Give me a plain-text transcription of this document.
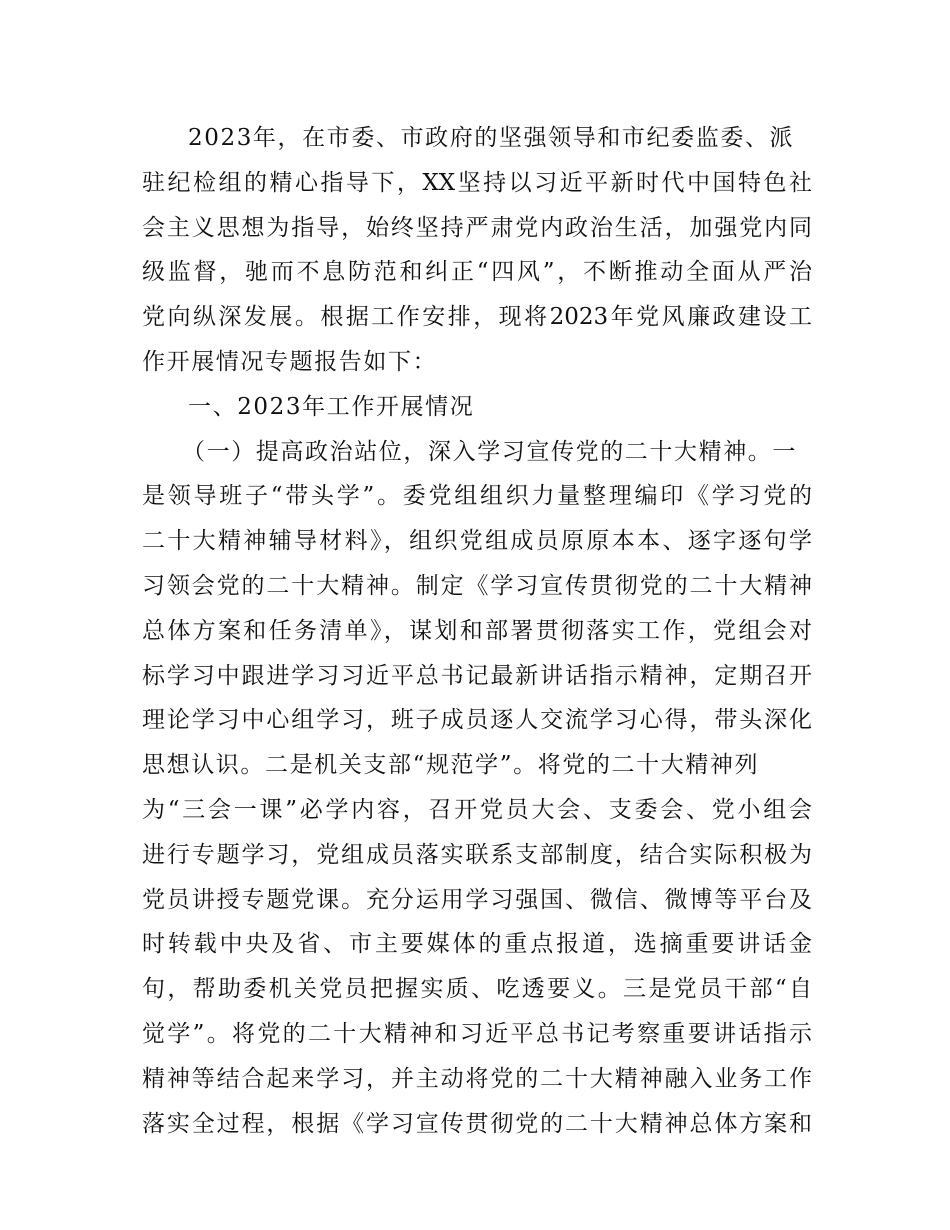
2023年，在市委、市政府的坚强领导和市纪委监委、派
驻纪检组的精心指导下，XX坚持以习近平新时代中国特色社
会主义思想为指导，始终坚持严肃党内政治生活，加强党内同
级监督，驰而不息防范和纠正“四风”，不断推动全面从严治
党向纵深发展。根据工作安排，现将2023年党风廉政建设工
作开展情况专题报告如下：
一、2023年工作开展情况
（一）提高政治站位，深入学习宣传党的二十大精神。一
是领导班子“带头学”。委党组组织力量整理编印《学习党的
二十大精神辅导材料》，组织党组成员原原本本、逐字逐句学
习领会党的二十大精神。制定《学习宣传贯彻党的二十大精神
总体方案和任务清单》，谋划和部署贯彻落实工作，党组会对
标学习中跟进学习习近平总书记最新讲话指示精神，定期召开
理论学习中心组学习，班子成员逐人交流学习心得，带头深化
思想认识。二是机关支部“规范学”。将党的二十大精神列
为“三会一课”必学内容，召开党员大会、支委会、党小组会
进行专题学习，党组成员落实联系支部制度，结合实际积极为
党员讲授专题党课。充分运用学习强国、微信、微博等平台及
时转载中央及省、市主要媒体的重点报道，选摘重要讲话金
句，帮助委机关党员把握实质、吃透要义。三是党员干部“自
觉学”。将党的二十大精神和习近平总书记考察重要讲话指示
精神等结合起来学习，并主动将党的二十大精神融入业务工作
落实全过程，根据《学习宣传贯彻党的二十大精神总体方案和
